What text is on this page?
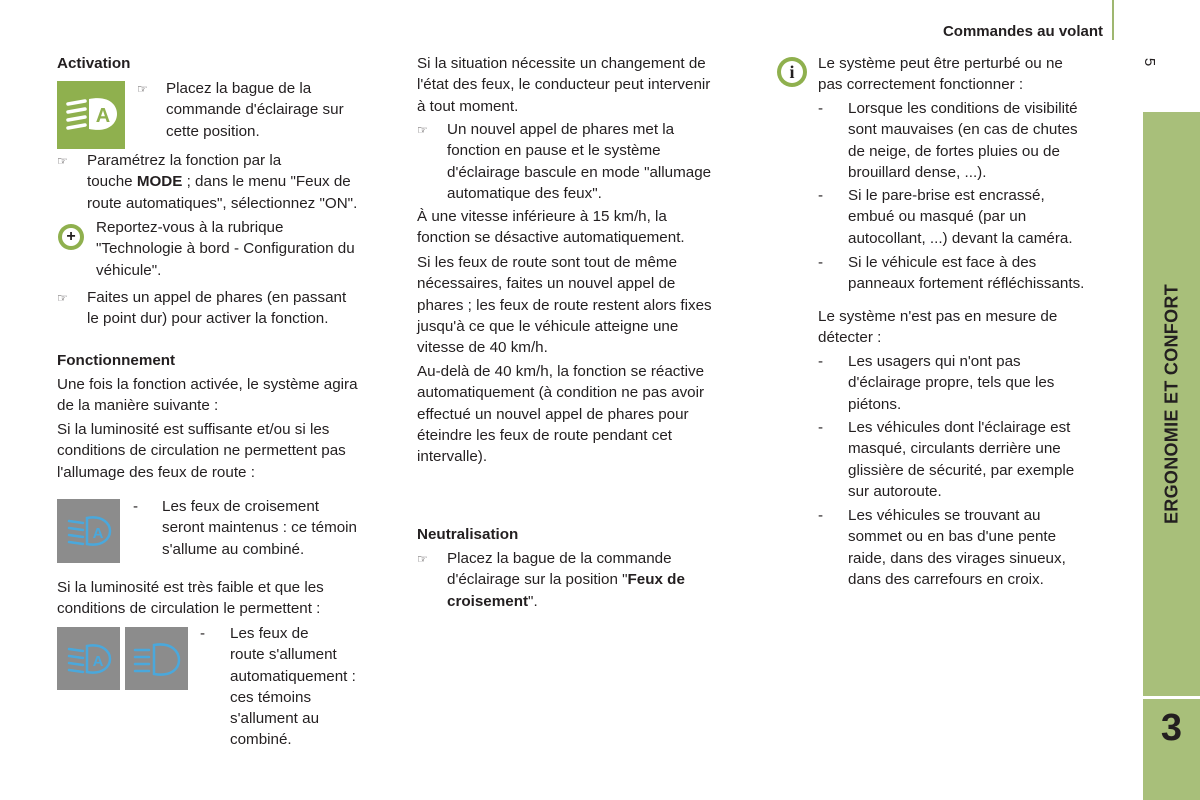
Commandes au volant
5
ERGONOMIE ET CONFORT
3

Activation

A
☞ Placez la bague de la

commande d'éclairage sur

cette position.

☞ Paramétrez la fonction par la

touche MODE ; dans le menu "Feux de

route automatiques", sélectionnez "ON".

+

Reportez-vous à la rubrique

"Technologie à bord - Configuration du

véhicule".

☞ Faites un appel de phares (en passant

le point dur) pour activer la fonction.

Fonctionnement

Une fois la fonction activée, le système agira

de la manière suivante :

Si la luminosité est suffisante et/ou si les

conditions de circulation ne permettent pas

l'allumage des feux de route :

A
- Les feux de croisement

seront maintenus : ce témoin

s'allume au combiné.

Si la luminosité est très faible et que les

conditions de circulation le permettent :

A
- Les feux de

route s'allument

automatiquement :

ces témoins

s'allument au

combiné.

Si la situation nécessite un changement de

l'état des feux, le conducteur peut intervenir

à tout moment.

☞ Un nouvel appel de phares met la

fonction en pause et le système

d'éclairage bascule en mode "allumage

automatique des feux".

À une vitesse inférieure à 15 km/h, la

fonction se désactive automatiquement.

Si les feux de route sont tout de même

nécessaires, faites un nouvel appel de

phares ; les feux de route restent alors fixes

jusqu'à ce que le véhicule atteigne une

vitesse de 40 km/h.

Au-delà de 40 km/h, la fonction se réactive

automatiquement (à condition ne pas avoir

effectué un nouvel appel de phares pour

éteindre les feux de route pendant cet

intervalle).

Neutralisation

☞ Placez la bague de la commande

d'éclairage sur la position "Feux de

croisement".

i	Le système peut être perturbé ou ne

pas correctement fonctionner :

- Lorsque les conditions de visibilité

sont mauvaises (en cas de chutes

de neige, de fortes pluies ou de

brouillard dense, ...).

- Si le pare-brise est encrassé,

embué ou masqué (par un

autocollant, ...) devant la caméra.

- Si le véhicule est face à des

panneaux fortement réfléchissants.

Le système n'est pas en mesure de

détecter :

- Les usagers qui n'ont pas

d'éclairage propre, tels que les

piétons.

- Les véhicules dont l'éclairage est

masqué, circulants derrière une

glissière de sécurité, par exemple

sur autoroute.

- Les véhicules se trouvant au

sommet ou en bas d'une pente

raide, dans des virages sinueux,

dans des carrefours en croix.
